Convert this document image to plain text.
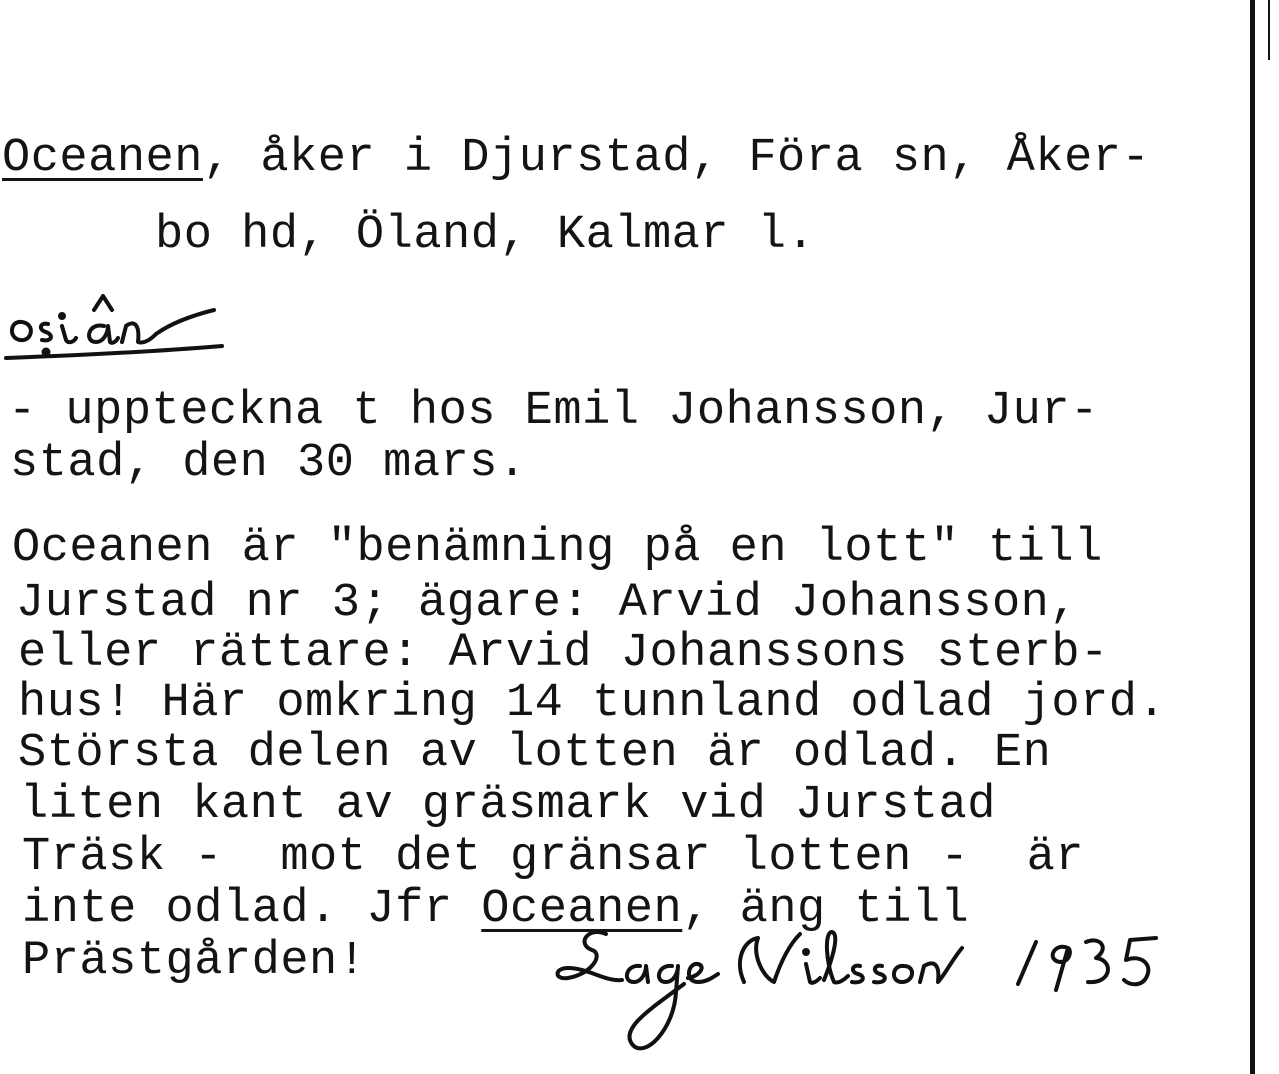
Oceanen, åker i Djurstad, Föra sn, Åker-
bo hd, Öland, Kalmar l.
- uppteckna t hos Emil Johansson, Jur-
stad, den 30 mars.
Oceanen är "benämning på en lott" till
Jurstad nr 3; ägare: Arvid Johansson,
eller rättare: Arvid Johanssons sterb-
hus! Här omkring 14 tunnland odlad jord.
Största delen av lotten är odlad. En
liten kant av gräsmark vid Jurstad
Träsk -  mot det gränsar lotten -  är
inte odlad. Jfr Oceanen, äng till
Prästgården!
